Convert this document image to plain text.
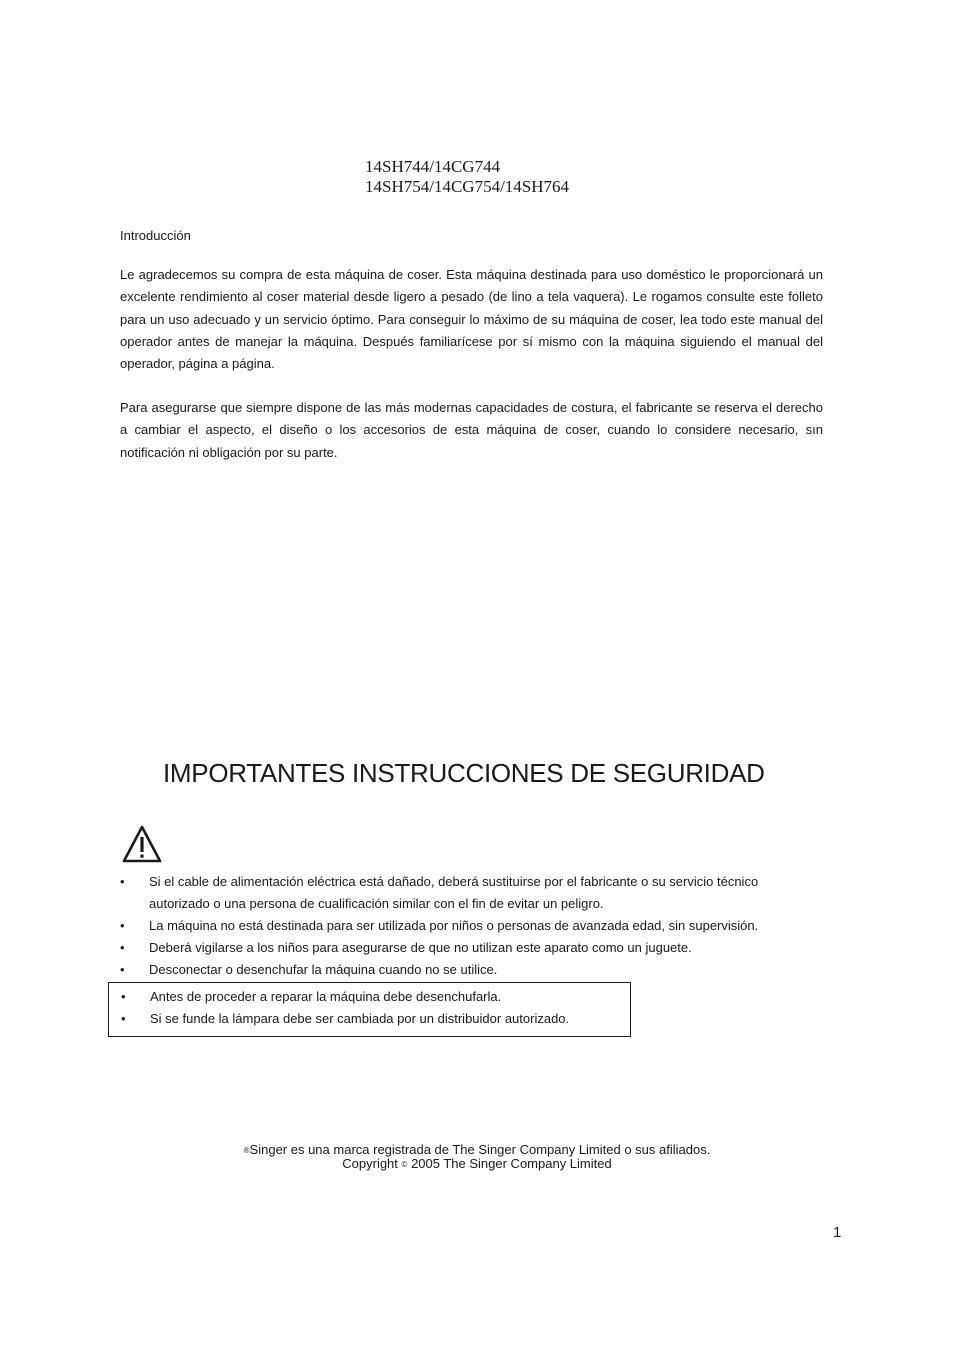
14SH744/14CG744
14SH754/14CG754/14SH764
Introducción
Le agradecemos su compra de esta máquina de coser. Esta máquina destinada para uso doméstico le proporcionará un excelente rendimiento al coser material desde ligero a pesado (de lino a tela vaquera). Le rogamos consulte este folleto para un uso adecuado y un servicio óptimo. Para conseguir lo máximo de su máquina de coser, lea todo este manual del operador antes de manejar la máquina. Después familiarícese por sí mismo con la máquina siguiendo el manual del operador, página a página.
Para asegurarse que siempre dispone de las más modernas capacidades de costura, el fabricante se reserva el derecho a cambiar el aspecto, el diseño o los accesorios de esta máquina de coser, cuando lo considere necesario, sın notificación ni obligación por su parte.
IMPORTANTES INSTRUCCIONES DE SEGURIDAD
• Si el cable de alimentación eléctrica está dañado, deberá sustituirse por el fabricante o su servicio técnico autorizado o una persona de cualificación similar con el fin de evitar un peligro.
• La máquina no está destinada para ser utilizada por niños o personas de avanzada edad, sin supervisión.
• Deberá vigilarse a los niños para asegurarse de que no utilizan este aparato como un juguete.
• Desconectar o desenchufar la máquina cuando no se utilice.
• Antes de proceder a reparar la máquina debe desenchufarla.
• Si se funde la lámpara debe ser cambiada por un distribuidor autorizado.
®Singer es una marca registrada de The Singer Company Limited o sus afiliados.
Copyright © 2005 The Singer Company Limited
1
